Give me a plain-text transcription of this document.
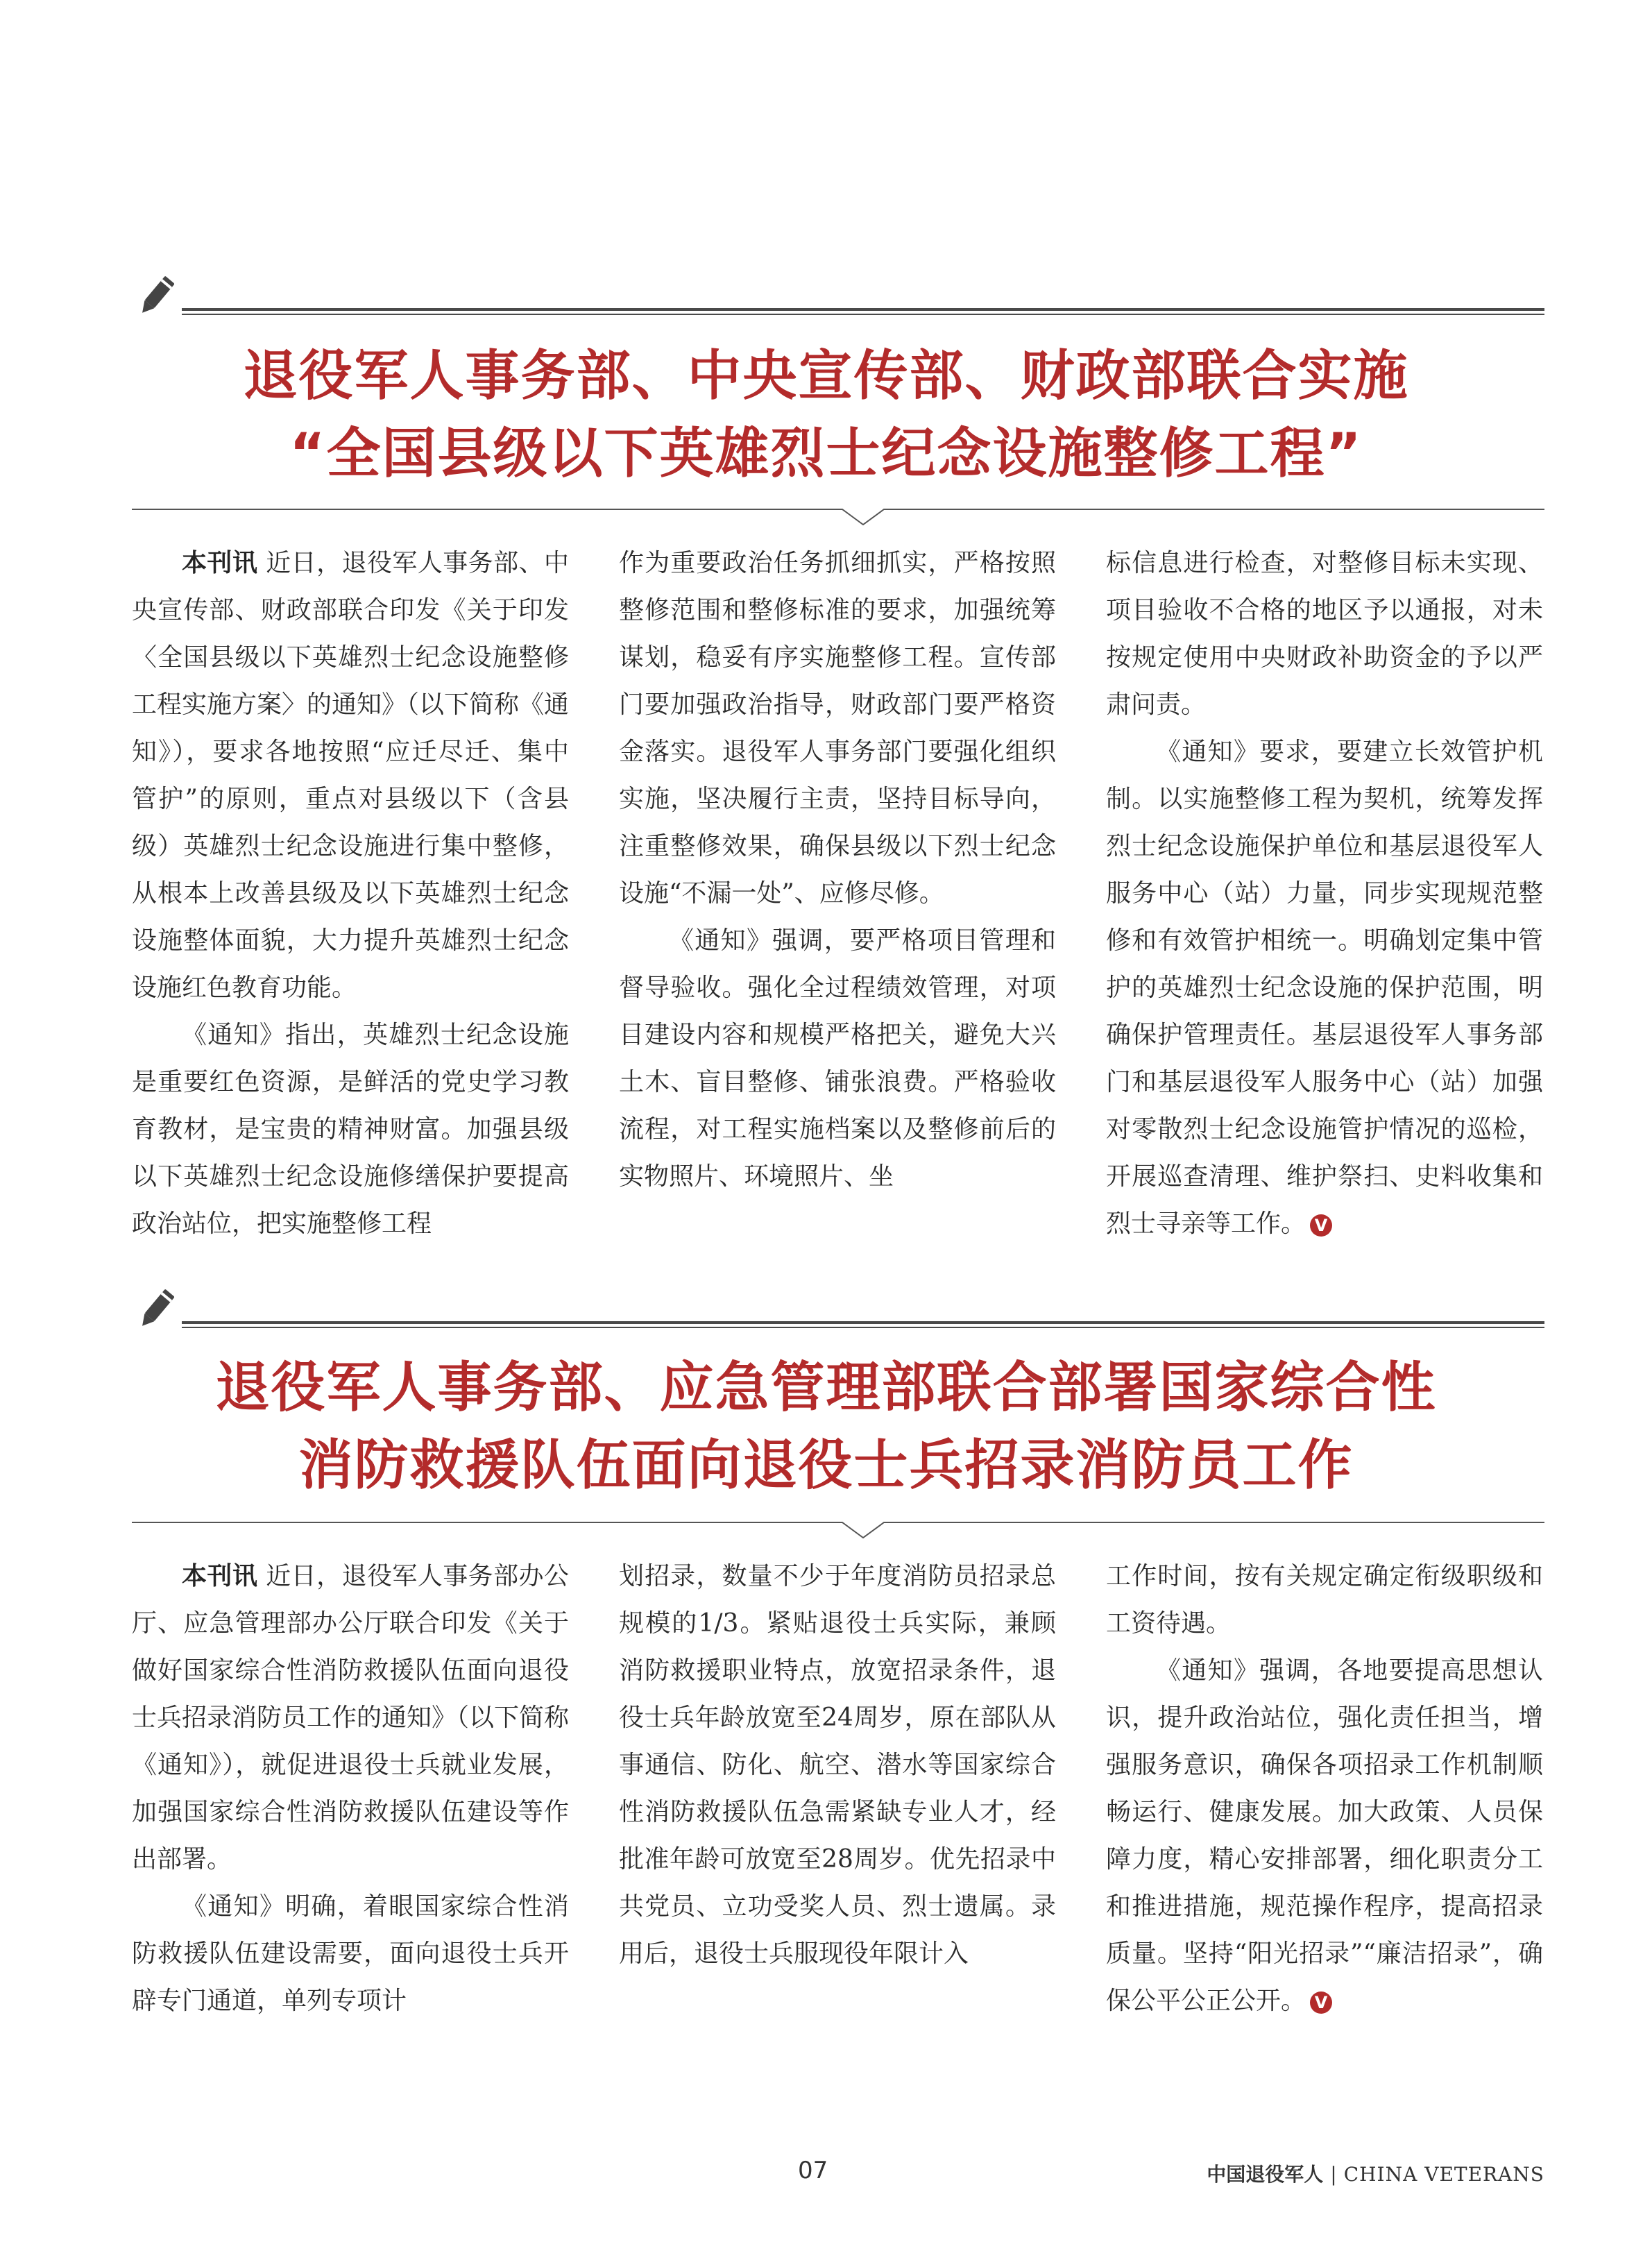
退役军人事务部、中央宣传部、财政部联合实施
“全国县级以下英雄烈士纪念设施整修工程”

本刊讯 近日，退役军人事务部、中央宣传部、财政部联合印发《关于印发〈全国县级以下英雄烈士纪念设施整修工程实施方案〉的通知》（以下简称《通知》），要求各地按照“应迁尽迁、集中管护”的原则，重点对县级以下（含县级）英雄烈士纪念设施进行集中整修，从根本上改善县级及以下英雄烈士纪念设施整体面貌，大力提升英雄烈士纪念设施红色教育功能。

《通知》指出，英雄烈士纪念设施是重要红色资源，是鲜活的党史学习教育教材，是宝贵的精神财富。加强县级以下英雄烈士纪念设施修缮保护要提高政治站位，把实施整修工程

作为重要政治任务抓细抓实，严格按照整修范围和整修标准的要求，加强统筹谋划，稳妥有序实施整修工程。宣传部门要加强政治指导，财政部门要严格资金落实。退役军人事务部门要强化组织实施，坚决履行主责，坚持目标导向，注重整修效果，确保县级以下烈士纪念设施“不漏一处”、应修尽修。

《通知》强调，要严格项目管理和督导验收。强化全过程绩效管理，对项目建设内容和规模严格把关，避免大兴土木、盲目整修、铺张浪费。严格验收流程，对工程实施档案以及整修前后的实物照片、环境照片、坐

标信息进行检查，对整修目标未实现、项目验收不合格的地区予以通报，对未按规定使用中央财政补助资金的予以严肃问责。

《通知》要求，要建立长效管护机制。以实施整修工程为契机，统筹发挥烈士纪念设施保护单位和基层退役军人服务中心（站）力量，同步实现规范整修和有效管护相统一。明确划定集中管护的英雄烈士纪念设施的保护范围，明确保护管理责任。基层退役军人事务部门和基层退役军人服务中心（站）加强对零散烈士纪念设施管护情况的巡检，开展巡查清理、维护祭扫、史料收集和烈士寻亲等工作。 V

退役军人事务部、应急管理部联合部署国家综合性
消防救援队伍面向退役士兵招录消防员工作

本刊讯 近日，退役军人事务部办公厅、应急管理部办公厅联合印发《关于做好国家综合性消防救援队伍面向退役士兵招录消防员工作的通知》（以下简称《通知》），就促进退役士兵就业发展，加强国家综合性消防救援队伍建设等作出部署。

《通知》明确，着眼国家综合性消防救援队伍建设需要，面向退役士兵开辟专门通道，单列专项计

划招录，数量不少于年度消防员招录总规模的1/3。紧贴退役士兵实际，兼顾消防救援职业特点，放宽招录条件，退役士兵年龄放宽至24周岁，原在部队从事通信、防化、航空、潜水等国家综合性消防救援队伍急需紧缺专业人才，经批准年龄可放宽至28周岁。优先招录中共党员、立功受奖人员、烈士遗属。录用后，退役士兵服现役年限计入

工作时间，按有关规定确定衔级职级和工资待遇。

《通知》强调，各地要提高思想认识，提升政治站位，强化责任担当，增强服务意识，确保各项招录工作机制顺畅运行、健康发展。加大政策、人员保障力度，精心安排部署，细化职责分工和推进措施，规范操作程序，提高招录质量。坚持“阳光招录”“廉洁招录”，确保公平公正公开。 V

07	中国退役军人 | CHINA VETERANS
